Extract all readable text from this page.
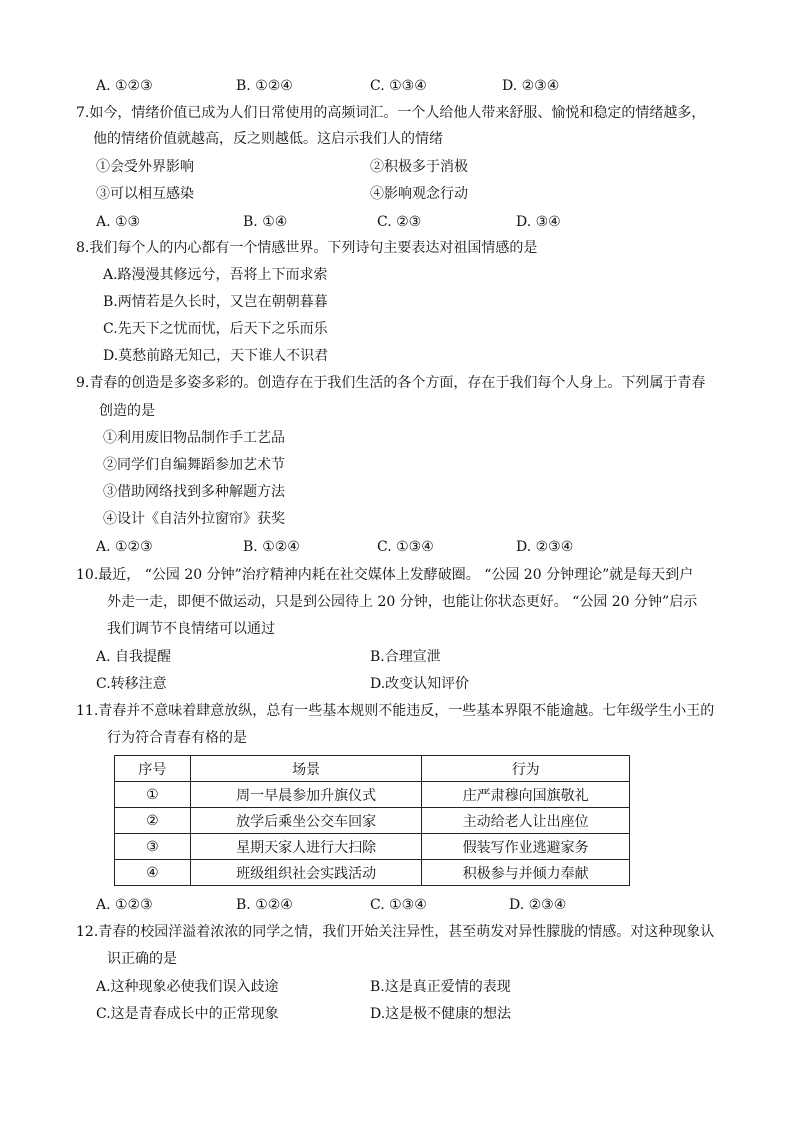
A. ①②③	B. ①②④	C. ①③④	D. ②③④
7.如今，情绪价值已成为人们日常使用的高频词汇。一个人给他人带来舒服、愉悦和稳定的情绪越多，
他的情绪价值就越高，反之则越低。这启示我们人的情绪
①会受外界影响	②积极多于消极
③可以相互感染	④影响观念行动
A. ①③	B. ①④	C. ②③	D. ③④
8.我们每个人的内心都有一个情感世界。下列诗句主要表达对祖国情感的是
A.路漫漫其修远兮，吾将上下而求索
B.两情若是久长时，又岂在朝朝暮暮
C.先天下之忧而忧，后天下之乐而乐
D.莫愁前路无知己，天下谁人不识君
9.青春的创造是多姿多彩的。创造存在于我们生活的各个方面，存在于我们每个人身上。下列属于青春
创造的是
①利用废旧物品制作手工艺品
②同学们自编舞蹈参加艺术节
③借助网络找到多种解题方法
④设计《自洁外拉窗帘》获奖
A. ①②③	B. ①②④	C. ①③④	D. ②③④
10.最近， “公园 20 分钟”治疗精神内耗在社交媒体上发酵破圈。 “公园 20 分钟理论”就是每天到户
外走一走，即便不做运动，只是到公园待上 20 分钟，也能让你状态更好。 “公园 20 分钟”启示
我们调节不良情绪可以通过
A. 自我提醒	B.合理宣泄
C.转移注意	D.改变认知评价
11.青春并不意味着肆意放纵，总有一些基本规则不能违反，一些基本界限不能逾越。七年级学生小王的
行为符合青春有格的是
序号	场景	行为
①	周一早晨参加升旗仪式	庄严肃穆向国旗敬礼
②	放学后乘坐公交车回家	主动给老人让出座位
③	星期天家人进行大扫除	假装写作业逃避家务
④	班级组织社会实践活动	积极参与并倾力奉献
A. ①②③	B. ①②④	C. ①③④	D. ②③④
12.青春的校园洋溢着浓浓的同学之情，我们开始关注异性，甚至萌发对异性朦胧的情感。对这种现象认
识正确的是
A.这种现象必使我们误入歧途	B.这是真正爱情的表现
C.这是青春成长中的正常现象	D.这是极不健康的想法
